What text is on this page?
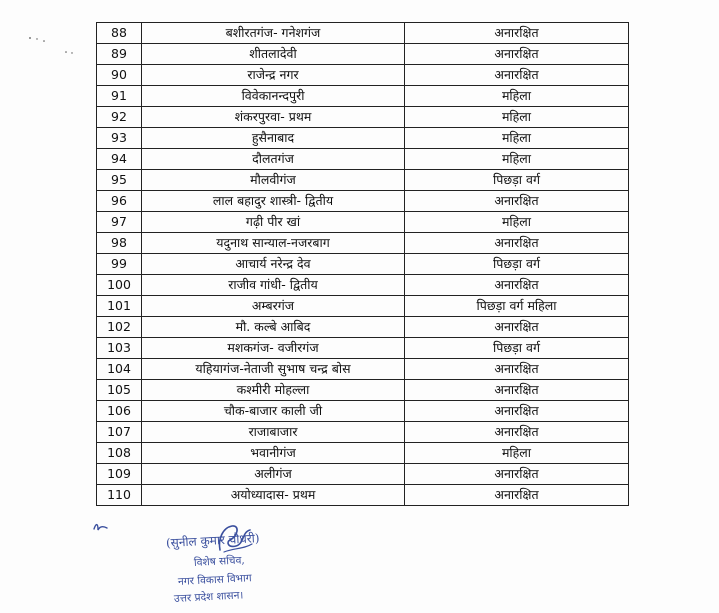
88	बशीरतगंज- गनेशगंज	अनारक्षित
89	शीतलादेवी	अनारक्षित
90	राजेन्द्र नगर	अनारक्षित
91	विवेकानन्दपुरी	महिला
92	शंकरपुरवा- प्रथम	महिला
93	हुसैनाबाद	महिला
94	दौलतगंज	महिला
95	मौलवीगंज	पिछड़ा वर्ग
96	लाल बहादुर शास्त्री- द्वितीय	अनारक्षित
97	गढ़ी पीर खां	महिला
98	यदुनाथ सान्याल-नजरबाग	अनारक्षित
99	आचार्य नरेन्द्र देव	पिछड़ा वर्ग
100	राजीव गांधी- द्वितीय	अनारक्षित
101	अम्बरगंज	पिछड़ा वर्ग महिला
102	मौ. कल्बे आबिद	अनारक्षित
103	मशकगंज- वजीरगंज	पिछड़ा वर्ग
104	यहियागंज-नेताजी सुभाष चन्द्र बोस	अनारक्षित
105	कश्मीरी मोहल्ला	अनारक्षित
106	चौक-बाजार काली जी	अनारक्षित
107	राजाबाजार	अनारक्षित
108	भवानीगंज	महिला
109	अलीगंज	अनारक्षित
110	अयोध्यादास- प्रथम	अनारक्षित
(सुनील कुमार चौधरी)
विशेष सचिव,
नगर विकास विभाग
उत्तर प्रदेश शासन।
